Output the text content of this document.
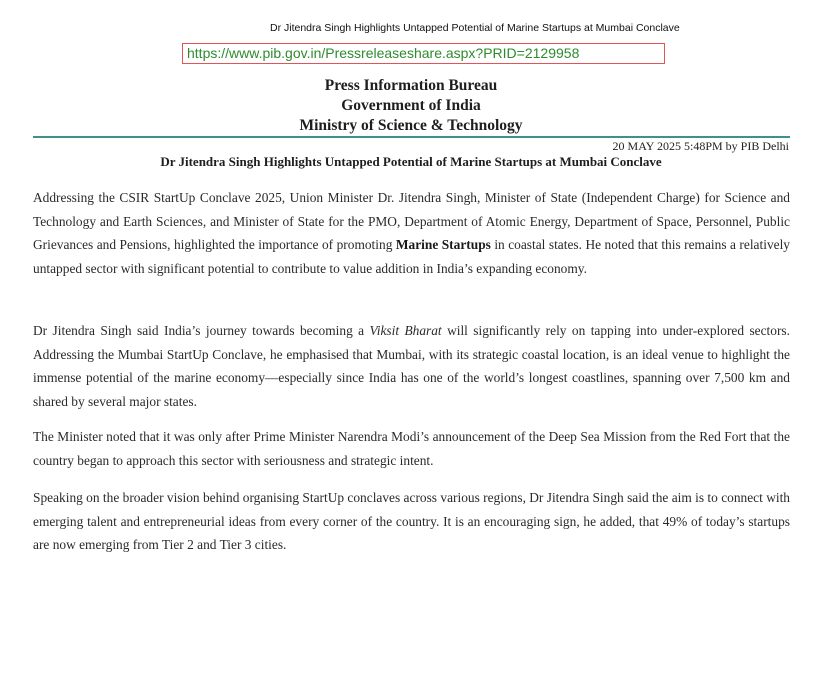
Dr Jitendra Singh Highlights Untapped Potential of Marine Startups at Mumbai Conclave
https://www.pib.gov.in/Pressreleaseshare.aspx?PRID=2129958
Press Information Bureau
Government of India
Ministry of Science & Technology
20 MAY 2025 5:48PM by PIB Delhi
Dr Jitendra Singh Highlights Untapped Potential of Marine Startups at Mumbai Conclave

Addressing the CSIR StartUp Conclave 2025, Union Minister Dr. Jitendra Singh, Minister of State (Independent Charge) for Science and Technology and Earth Sciences, and Minister of State for the PMO, Department of Atomic Energy, Department of Space, Personnel, Public Grievances and Pensions, highlighted the importance of promoting Marine Startups in coastal states. He noted that this remains a relatively untapped sector with significant potential to contribute to value addition in India’s expanding economy.

Dr Jitendra Singh said India’s journey towards becoming a Viksit Bharat will significantly rely on tapping into under-explored sectors. Addressing the Mumbai StartUp Conclave, he emphasised that Mumbai, with its strategic coastal location, is an ideal venue to highlight the immense potential of the marine economy—especially since India has one of the world’s longest coastlines, spanning over 7,500 km and shared by several major states.

The Minister noted that it was only after Prime Minister Narendra Modi’s announcement of the Deep Sea Mission from the Red Fort that the country began to approach this sector with seriousness and strategic intent.

Speaking on the broader vision behind organising StartUp conclaves across various regions, Dr Jitendra Singh said the aim is to connect with emerging talent and entrepreneurial ideas from every corner of the country. It is an encouraging sign, he added, that 49% of today’s startups are now emerging from Tier 2 and Tier 3 cities.
